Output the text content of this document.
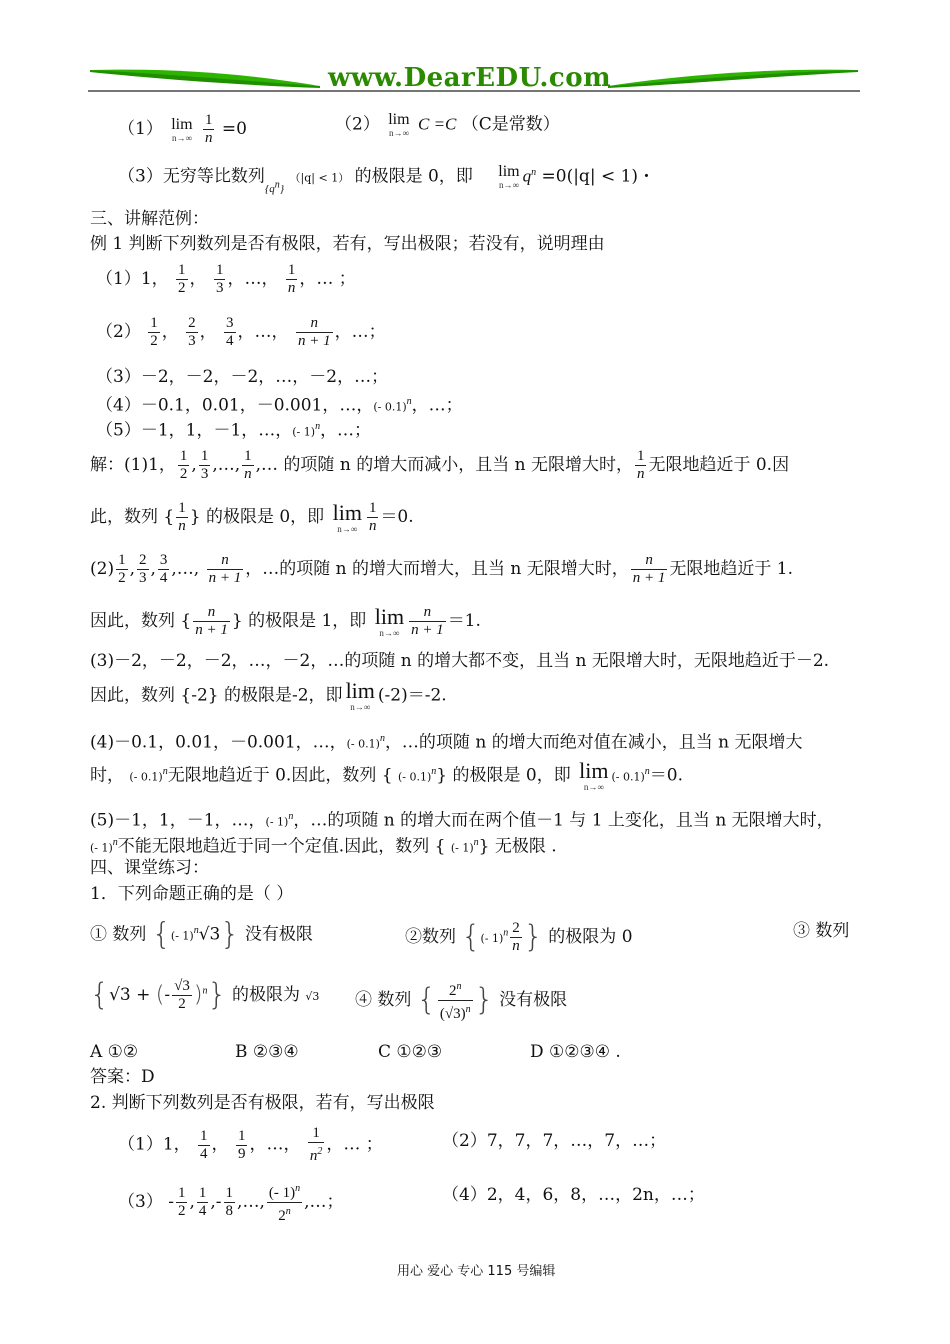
www.DearEDU.com
（1） lim
n→∞
$\frac{1}{n} =0$	（2） lim
n→∞ C =C （C是常数）
（3）无穷等比数列$_{\{q^n\}}$ （|q| < 1） 的极限是 0，即 lim
n→∞ $q^n =0(|q| < 1)$ ·
三、讲解范例：
例 1 判断下列数列是否有极限，若有，写出极限；若没有，说明理由
（1）1， $\frac{1}{2}$ ， $\frac{1}{3}$ ，…， $\frac{1}{n}$ ，… ；
$(2) \frac{1}{2}$ ， $\frac{2}{3}$ ， $\frac{3}{4}$ ，…， $\frac{n}{n + 1}$ ，…；
（3）－2，－2，－2，…，－2，…；
（4）－0.1，0.01，－0.001，…，(- 0.1)$^n$，…；
（5）－1，1，－1，…，(- 1)$^n$，…；
解：(1)1， $\frac{1}{2}$ , $\frac{1}{3}$ ,…, $\frac{1}{n}$ ,… 的项随 n 的增大而减小，且当 n 无限增大时， $\frac{1}{n}$ 无限地趋近于 0.因
此，数列 { $\frac{1}{n}$ } 的极限是 0，即 lim
$n\to\infty \frac{1}{n} =0$.
$(2) \frac{1}{2}$ , $\frac{2}{3}$ , $\frac{3}{4}$ ,…, $\frac{n}{n + 1}$ ，…的项随 n 的增大而增大，且当 n 无限增大时， $\frac{n}{n + 1}$ 无限地趋近于 1.
因此，数列 { $\frac{n}{n + 1}$ } 的极限是 1，即 lim
$n\to\infty \frac{n}{n + 1} =1$.
(3)－2，－2，－2，…，－2，…的项随 n 的增大都不变，且当 n 无限增大时，无限地趋近于－2.
因此，数列 {-2} 的极限是-2，即 lim
n→∞
(-2)＝-2.
(4)－0.1，0.01，－0.001，…，(- 0.1)$^n$，…的项随 n 的增大而绝对值在减小，且当 n 无限增大
时， (- 0.1)$^n$无限地趋近于 0.因此，数列 { (- 0.1)$^n$} 的极限是 0，即 lim
n→∞
(- 0.1)$^n$＝0.
(5)－1，1，－1，…，(- 1)$^n$，…的项随 n 的增大而在两个值－1 与 1 上变化，且当 n 无限增大时，
(- 1)$^n$不能无限地趋近于同一个定值.因此，数列 { (- 1)$^n$} 无极限 .
四、课堂练习：
1．下列命题正确的是（ ）
① 数列 {(- 1)$^n$√3} 没有极限	②数列 {(- $1)^n \frac{2}{n}$ } 的极限为 0	③ 数列
{√3 + (- $\frac{√3}{2} )^n$} 的极限为 √3 ④ 数列 { $\frac{2^n}{(√3)^n}$ } 没有极限
A ①②	B ②③④	C ①②③	D ①②③④ .
答案：D
2. 判断下列数列是否有极限，若有，写出极限
（1）1， $\frac{1}{4}$ ， $\frac{1}{9}$ ，…， $\frac{1}{n^2}$ ，… ；	（2）7，7，7，…，7，…；
$(3) - \frac{1}{2}$ , $\frac{1}{4}$ ,- $\frac{1}{8}$ ,…, $\frac{(- 1)^n}{2^n}$ ,…；	（4）2，4，6，8，…，2n，…；
用心 爱心 专心 115 号编辑
